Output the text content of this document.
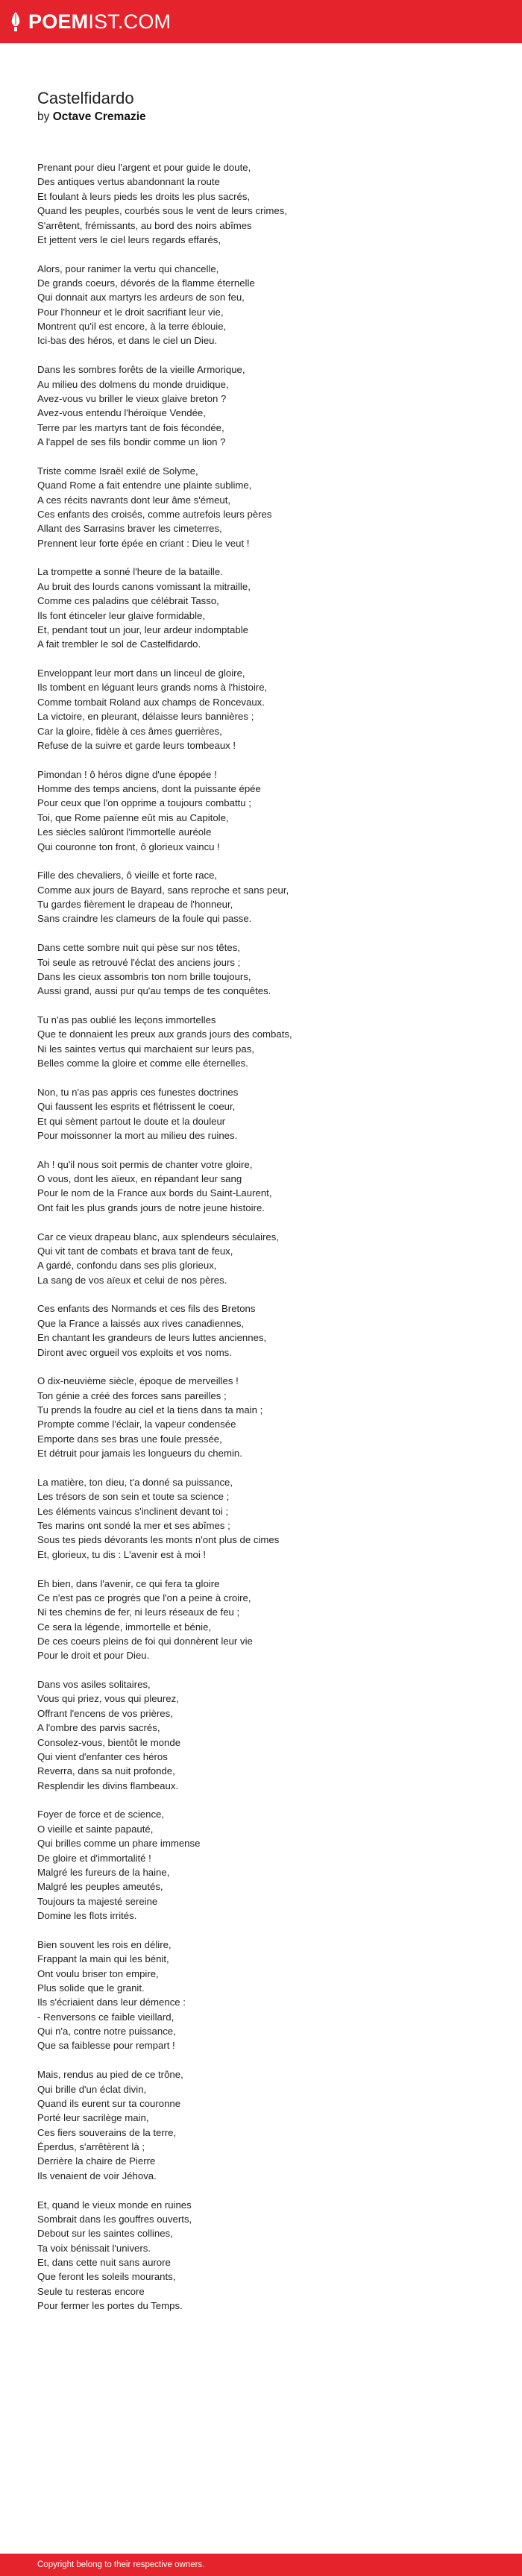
POEMIST.COM
Castelfidardo
by Octave Cremazie
Prenant pour dieu l'argent et pour guide le doute,
Des antiques vertus abandonnant la route
Et foulant à leurs pieds les droits les plus sacrés,
Quand les peuples, courbés sous le vent de leurs crimes,
S'arrêtent, frémissants, au bord des noirs abîmes
Et jettent vers le ciel leurs regards effarés,
Alors, pour ranimer la vertu qui chancelle,
De grands coeurs, dévorés de la flamme éternelle
Qui donnait aux martyrs les ardeurs de son feu,
Pour l'honneur et le droit sacrifiant leur vie,
Montrent qu'il est encore, à la terre éblouie,
Ici-bas des héros, et dans le ciel un Dieu.
Dans les sombres forêts de la vieille Armorique,
Au milieu des dolmens du monde druidique,
Avez-vous vu briller le vieux glaive breton ?
Avez-vous entendu l'héroïque Vendée,
Terre par les martyrs tant de fois fécondée,
A l'appel de ses fils bondir comme un lion ?
Triste comme Israël exilé de Solyme,
Quand Rome a fait entendre une plainte sublime,
A ces récits navrants dont leur âme s'émeut,
Ces enfants des croisés, comme autrefois leurs pères
Allant des Sarrasins braver les cimeterres,
Prennent leur forte épée en criant : Dieu le veut !
La trompette a sonné l'heure de la bataille.
Au bruit des lourds canons vomissant la mitraille,
Comme ces paladins que célébrait Tasso,
Ils font étinceler leur glaive formidable,
Et, pendant tout un jour, leur ardeur indomptable
A fait trembler le sol de Castelfidardo.
Enveloppant leur mort dans un linceul de gloire,
Ils tombent en léguant leurs grands noms à l'histoire,
Comme tombait Roland aux champs de Roncevaux.
La victoire, en pleurant, délaisse leurs bannières ;
Car la gloire, fidèle à ces âmes guerrières,
Refuse de la suivre et garde leurs tombeaux !
Pimondan ! ô héros digne d'une épopée !
Homme des temps anciens, dont la puissante épée
Pour ceux que l'on opprime a toujours combattu ;
Toi, que Rome païenne eût mis au Capitole,
Les siècles salûront l'immortelle auréole
Qui couronne ton front, ô glorieux vaincu !
Fille des chevaliers, ô vieille et forte race,
Comme aux jours de Bayard, sans reproche et sans peur,
Tu gardes fièrement le drapeau de l'honneur,
Sans craindre les clameurs de la foule qui passe.
Dans cette sombre nuit qui pèse sur nos têtes,
Toi seule as retrouvé l'éclat des anciens jours ;
Dans les cieux assombris ton nom brille toujours,
Aussi grand, aussi pur qu'au temps de tes conquêtes.
Tu n'as pas oublié les leçons immortelles
Que te donnaient les preux aux grands jours des combats,
Ni les saintes vertus qui marchaient sur leurs pas,
Belles comme la gloire et comme elle éternelles.
Non, tu n'as pas appris ces funestes doctrines
Qui faussent les esprits et flétrissent le coeur,
Et qui sèment partout le doute et la douleur
Pour moissonner la mort au milieu des ruines.
Ah ! qu'il nous soit permis de chanter votre gloire,
O vous, dont les aïeux, en répandant leur sang
Pour le nom de la France aux bords du Saint-Laurent,
Ont fait les plus grands jours de notre jeune histoire.
Car ce vieux drapeau blanc, aux splendeurs séculaires,
Qui vit tant de combats et brava tant de feux,
A gardé, confondu dans ses plis glorieux,
La sang de vos aïeux et celui de nos pères.
Ces enfants des Normands et ces fils des Bretons
Que la France a laissés aux rives canadiennes,
En chantant les grandeurs de leurs luttes anciennes,
Diront avec orgueil vos exploits et vos noms.
O dix-neuvième siècle, époque de merveilles !
Ton génie a créé des forces sans pareilles ;
Tu prends la foudre au ciel et la tiens dans ta main ;
Prompte comme l'éclair, la vapeur condensée
Emporte dans ses bras une foule pressée,
Et détruit pour jamais les longueurs du chemin.
La matière, ton dieu, t'a donné sa puissance,
Les trésors de son sein et toute sa science ;
Les éléments vaincus s'inclinent devant toi ;
Tes marins ont sondé la mer et ses abîmes ;
Sous tes pieds dévorants les monts n'ont plus de cimes
Et, glorieux, tu dis : L'avenir est à moi !
Eh bien, dans l'avenir, ce qui fera ta gloire
Ce n'est pas ce progrès que l'on a peine à croire,
Ni tes chemins de fer, ni leurs réseaux de feu ;
Ce sera la légende, immortelle et bénie,
De ces coeurs pleins de foi qui donnèrent leur vie
Pour le droit et pour Dieu.
Dans vos asiles solitaires,
Vous qui priez, vous qui pleurez,
Offrant l'encens de vos prières,
A l'ombre des parvis sacrés,
Consolez-vous, bientôt le monde
Qui vient d'enfanter ces héros
Reverra, dans sa nuit profonde,
Resplendir les divins flambeaux.
Foyer de force et de science,
O vieille et sainte papauté,
Qui brilles comme un phare immense
De gloire et d'immortalité !
Malgré les fureurs de la haine,
Malgré les peuples ameutés,
Toujours ta majesté sereine
Domine les flots irrités.
Bien souvent les rois en délire,
Frappant la main qui les bénit,
Ont voulu briser ton empire,
Plus solide que le granit.
Ils s'écriaient dans leur démence :
- Renversons ce faible vieillard,
Qui n'a, contre notre puissance,
Que sa faiblesse pour rempart !
Mais, rendus au pied de ce trône,
Qui brille d'un éclat divin,
Quand ils eurent sur ta couronne
Porté leur sacrilège main,
Ces fiers souverains de la terre,
Éperdus, s'arrêtèrent là ;
Derrière la chaire de Pierre
Ils venaient de voir Jéhova.
Et, quand le vieux monde en ruines
Sombrait dans les gouffres ouverts,
Debout sur les saintes collines,
Ta voix bénissait l'univers.
Et, dans cette nuit sans aurore
Que feront les soleils mourants,
Seule tu resteras encore
Pour fermer les portes du Temps.
Copyright belong to their respective owners.
